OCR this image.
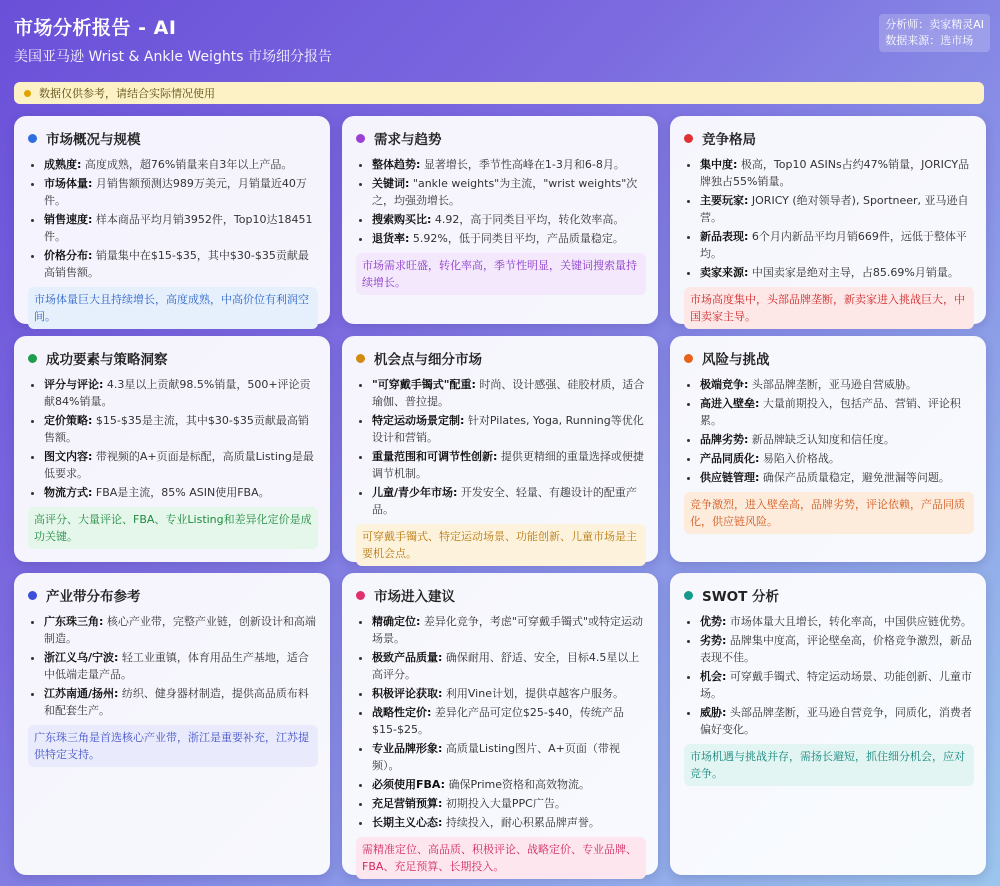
市场分析报告 - AI
美国亚马逊 Wrist & Ankle Weights 市场细分报告
分析师：卖家精灵AI
数据来源：选市场
数据仅供参考，请结合实际情况使用
市场概况与规模
• 成熟度: 高度成熟，超76%销量来自3年以上产品。
• 市场体量: 月销售额预测达989万美元，月销量近40万件。
• 销售速度: 样本商品平均月销3952件，Top10达18451件。
• 价格分布: 销量集中在$15-$35，其中$30-$35贡献最高销售额。
市场体量巨大且持续增长，高度成熟，中高价位有利润空间。
需求与趋势
• 整体趋势: 显著增长，季节性高峰在1-3月和6-8月。
• 关键词: "ankle weights"为主流，"wrist weights"次之，均强劲增长。
• 搜索购买比: 4.92，高于同类目平均，转化效率高。
• 退货率: 5.92%，低于同类目平均，产品质量稳定。
市场需求旺盛，转化率高，季节性明显，关键词搜索量持续增长。
竞争格局
• 集中度: 极高，Top10 ASINs占约47%销量，JORICY品牌独占55%销量。
• 主要玩家: JORICY (绝对领导者), Sportneer, 亚马逊自营。
• 新品表现: 6个月内新品平均月销669件，远低于整体平均。
• 卖家来源: 中国卖家是绝对主导，占85.69%月销量。
市场高度集中，头部品牌垄断，新卖家进入挑战巨大，中国卖家主导。
成功要素与策略洞察
• 评分与评论: 4.3星以上贡献98.5%销量，500+评论贡献84%销量。
• 定价策略: $15-$35是主流，其中$30-$35贡献最高销售额。
• 图文内容: 带视频的A+页面是标配，高质量Listing是最低要求。
• 物流方式: FBA是主流，85% ASIN使用FBA。
高评分、大量评论、FBA、专业Listing和差异化定价是成功关键。
机会点与细分市场
• "可穿戴手镯式"配重: 时尚、设计感强、硅胶材质，适合瑜伽、普拉提。
• 特定运动场景定制: 针对Pilates, Yoga, Running等优化设计和营销。
• 重量范围和可调节性创新: 提供更精细的重量选择或便捷调节机制。
• 儿童/青少年市场: 开发安全、轻量、有趣设计的配重产品。
可穿戴手镯式、特定运动场景、功能创新、儿童市场是主要机会点。
风险与挑战
• 极端竞争: 头部品牌垄断，亚马逊自营威胁。
• 高进入壁垒: 大量前期投入，包括产品、营销、评论积累。
• 品牌劣势: 新品牌缺乏认知度和信任度。
• 产品同质化: 易陷入价格战。
• 供应链管理: 确保产品质量稳定，避免泄漏等问题。
竞争激烈，进入壁垒高，品牌劣势，评论依赖，产品同质化，供应链风险。
产业带分布参考
• 广东珠三角: 核心产业带，完整产业链，创新设计和高端制造。
• 浙江义乌/宁波: 轻工业重镇，体育用品生产基地，适合中低端走量产品。
• 江苏南通/扬州: 纺织、健身器材制造，提供高品质布料和配套生产。
广东珠三角是首选核心产业带，浙江是重要补充，江苏提供特定支持。
市场进入建议
• 精确定位: 差异化竞争，考虑"可穿戴手镯式"或特定运动场景。
• 极致产品质量: 确保耐用、舒适、安全，目标4.5星以上高评分。
• 积极评论获取: 利用Vine计划，提供卓越客户服务。
• 战略性定价: 差异化产品可定位$25-$40，传统产品$15-$25。
• 专业品牌形象: 高质量Listing图片、A+页面（带视频）。
• 必须使用FBA: 确保Prime资格和高效物流。
• 充足营销预算: 初期投入大量PPC广告。
• 长期主义心态: 持续投入，耐心积累品牌声誉。
需精准定位、高品质、积极评论、战略定价、专业品牌、FBA、充足预算、长期投入。
SWOT 分析
• 优势: 市场体量大且增长，转化率高，中国供应链优势。
• 劣势: 品牌集中度高，评论壁垒高，价格竞争激烈，新品表现不佳。
• 机会: 可穿戴手镯式、特定运动场景、功能创新、儿童市场。
• 威胁: 头部品牌垄断，亚马逊自营竞争，同质化，消费者偏好变化。
市场机遇与挑战并存，需扬长避短，抓住细分机会，应对竞争。
